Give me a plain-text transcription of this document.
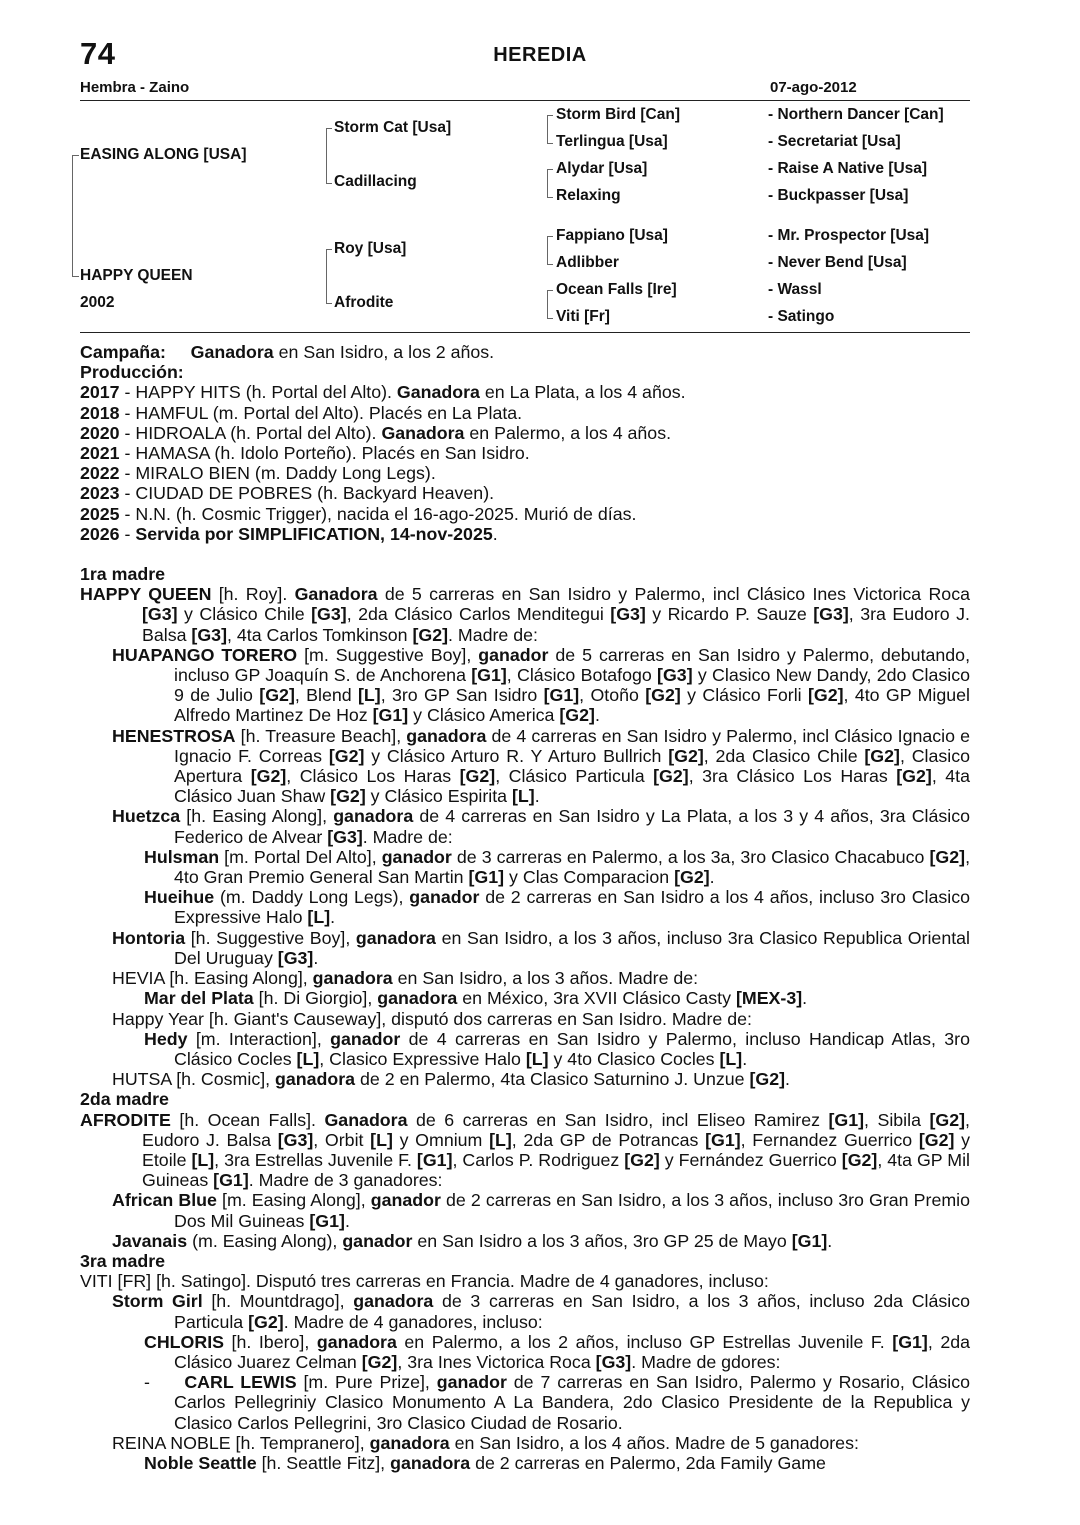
74	HEREDIA
Hembra - Zaino	07-ago-2012
EASING ALONG [USA]
HAPPY QUEEN
2002
Storm Cat [Usa]
Cadillacing
Roy [Usa]
Afrodite
Storm Bird [Can]
Terlingua [Usa]
Alydar [Usa]
Relaxing
Fappiano [Usa]
Adlibber
Ocean Falls [Ire]
Viti [Fr]
- Northern Dancer [Can]
- Secretariat [Usa]
- Raise A Native [Usa]
- Buckpasser [Usa]
- Mr. Prospector [Usa]
- Never Bend [Usa]
- Wassl
- Satingo

Campaña: Ganadora en San Isidro, a los 2 años.

Producción:

2017 - HAPPY HITS (h. Portal del Alto). Ganadora en La Plata, a los 4 años.

2018 - HAMFUL (m. Portal del Alto). Placés en La Plata.

2020 - HIDROALA (h. Portal del Alto). Ganadora en Palermo, a los 4 años.

2021 - HAMASA (h. Idolo Porteño). Placés en San Isidro.

2022 - MIRALO BIEN (m. Daddy Long Legs).

2023 - CIUDAD DE POBRES (h. Backyard Heaven).

2025 - N.N. (h. Cosmic Trigger), nacida el 16-ago-2025. Murió de días.

2026 - Servida por SIMPLIFICATION, 14-nov-2025.

1ra madre

HAPPY QUEEN [h. Roy]. Ganadora de 5 carreras en San Isidro y Palermo, incl Clásico Ines Victorica Roca [G3] y Clásico Chile [G3], 2da Clásico Carlos Menditegui [G3] y Ricardo P. Sauze [G3], 3ra Eudoro J. Balsa [G3], 4ta Carlos Tomkinson [G2]. Madre de:

HUAPANGO TORERO [m. Suggestive Boy], ganador de 5 carreras en San Isidro y Palermo, debutando, incluso GP Joaquín S. de Anchorena [G1], Clásico Botafogo [G3] y Clasico New Dandy, 2do Clasico 9 de Julio [G2], Blend [L], 3ro GP San Isidro [G1], Otoño [G2] y Clásico Forli [G2], 4to GP Miguel Alfredo Martinez De Hoz [G1] y Clásico America [G2].

HENESTROSA [h. Treasure Beach], ganadora de 4 carreras en San Isidro y Palermo, incl Clásico Ignacio e Ignacio F. Correas [G2] y Clásico Arturo R. Y Arturo Bullrich [G2], 2da Clasico Chile [G2], Clasico Apertura [G2], Clásico Los Haras [G2], Clásico Particula [G2], 3ra Clásico Los Haras [G2], 4ta Clásico Juan Shaw [G2] y Clásico Espirita [L].

Huetzca [h. Easing Along], ganadora de 4 carreras en San Isidro y La Plata, a los 3 y 4 años, 3ra Clásico Federico de Alvear [G3]. Madre de:

Hulsman [m. Portal Del Alto], ganador de 3 carreras en Palermo, a los 3a, 3ro Clasico Chacabuco [G2], 4to Gran Premio General San Martin [G1] y Clas Comparacion [G2].

Hueihue (m. Daddy Long Legs), ganador de 2 carreras en San Isidro a los 4 años, incluso 3ro Clasico Expressive Halo [L].

Hontoria [h. Suggestive Boy], ganadora en San Isidro, a los 3 años, incluso 3ra Clasico Republica Oriental Del Uruguay [G3].

HEVIA [h. Easing Along], ganadora en San Isidro, a los 3 años. Madre de:

Mar del Plata [h. Di Giorgio], ganadora en México, 3ra XVII Clásico Casty [MEX-3].

Happy Year [h. Giant's Causeway], disputó dos carreras en San Isidro. Madre de:

Hedy [m. Interaction], ganador de 4 carreras en San Isidro y Palermo, incluso Handicap Atlas, 3ro Clásico Cocles [L], Clasico Expressive Halo [L] y 4to Clasico Cocles [L].

HUTSA [h. Cosmic], ganadora de 2 en Palermo, 4ta Clasico Saturnino J. Unzue [G2].

2da madre

AFRODITE [h. Ocean Falls]. Ganadora de 6 carreras en San Isidro, incl Eliseo Ramirez [G1], Sibila [G2], Eudoro J. Balsa [G3], Orbit [L] y Omnium [L], 2da GP de Potrancas [G1], Fernandez Guerrico [G2] y Etoile [L], 3ra Estrellas Juvenile F. [G1], Carlos P. Rodriguez [G2] y Fernández Guerrico [G2], 4ta GP Mil Guineas [G1]. Madre de 3 ganadores:

African Blue [m. Easing Along], ganador de 2 carreras en San Isidro, a los 3 años, incluso 3ro Gran Premio Dos Mil Guineas [G1].

Javanais (m. Easing Along), ganador en San Isidro a los 3 años, 3ro GP 25 de Mayo [G1].

3ra madre

VITI [FR] [h. Satingo]. Disputó tres carreras en Francia. Madre de 4 ganadores, incluso:

Storm Girl [h. Mountdrago], ganadora de 3 carreras en San Isidro, a los 3 años, incluso 2da Clásico Particula [G2]. Madre de 4 ganadores, incluso:

CHLORIS [h. Ibero], ganadora en Palermo, a los 2 años, incluso GP Estrellas Juvenile F. [G1], 2da Clásico Juarez Celman [G2], 3ra Ines Victorica Roca [G3]. Madre de gdores:

- CARL LEWIS [m. Pure Prize], ganador de 7 carreras en San Isidro, Palermo y Rosario, Clásico Carlos Pellegriniy Clasico Monumento A La Bandera, 2do Clasico Presidente de la Republica y Clasico Carlos Pellegrini, 3ro Clasico Ciudad de Rosario.

REINA NOBLE [h. Tempranero], ganadora en San Isidro, a los 4 años. Madre de 5 ganadores:

Noble Seattle [h. Seattle Fitz], ganadora de 2 carreras en Palermo, 2da Family Game
